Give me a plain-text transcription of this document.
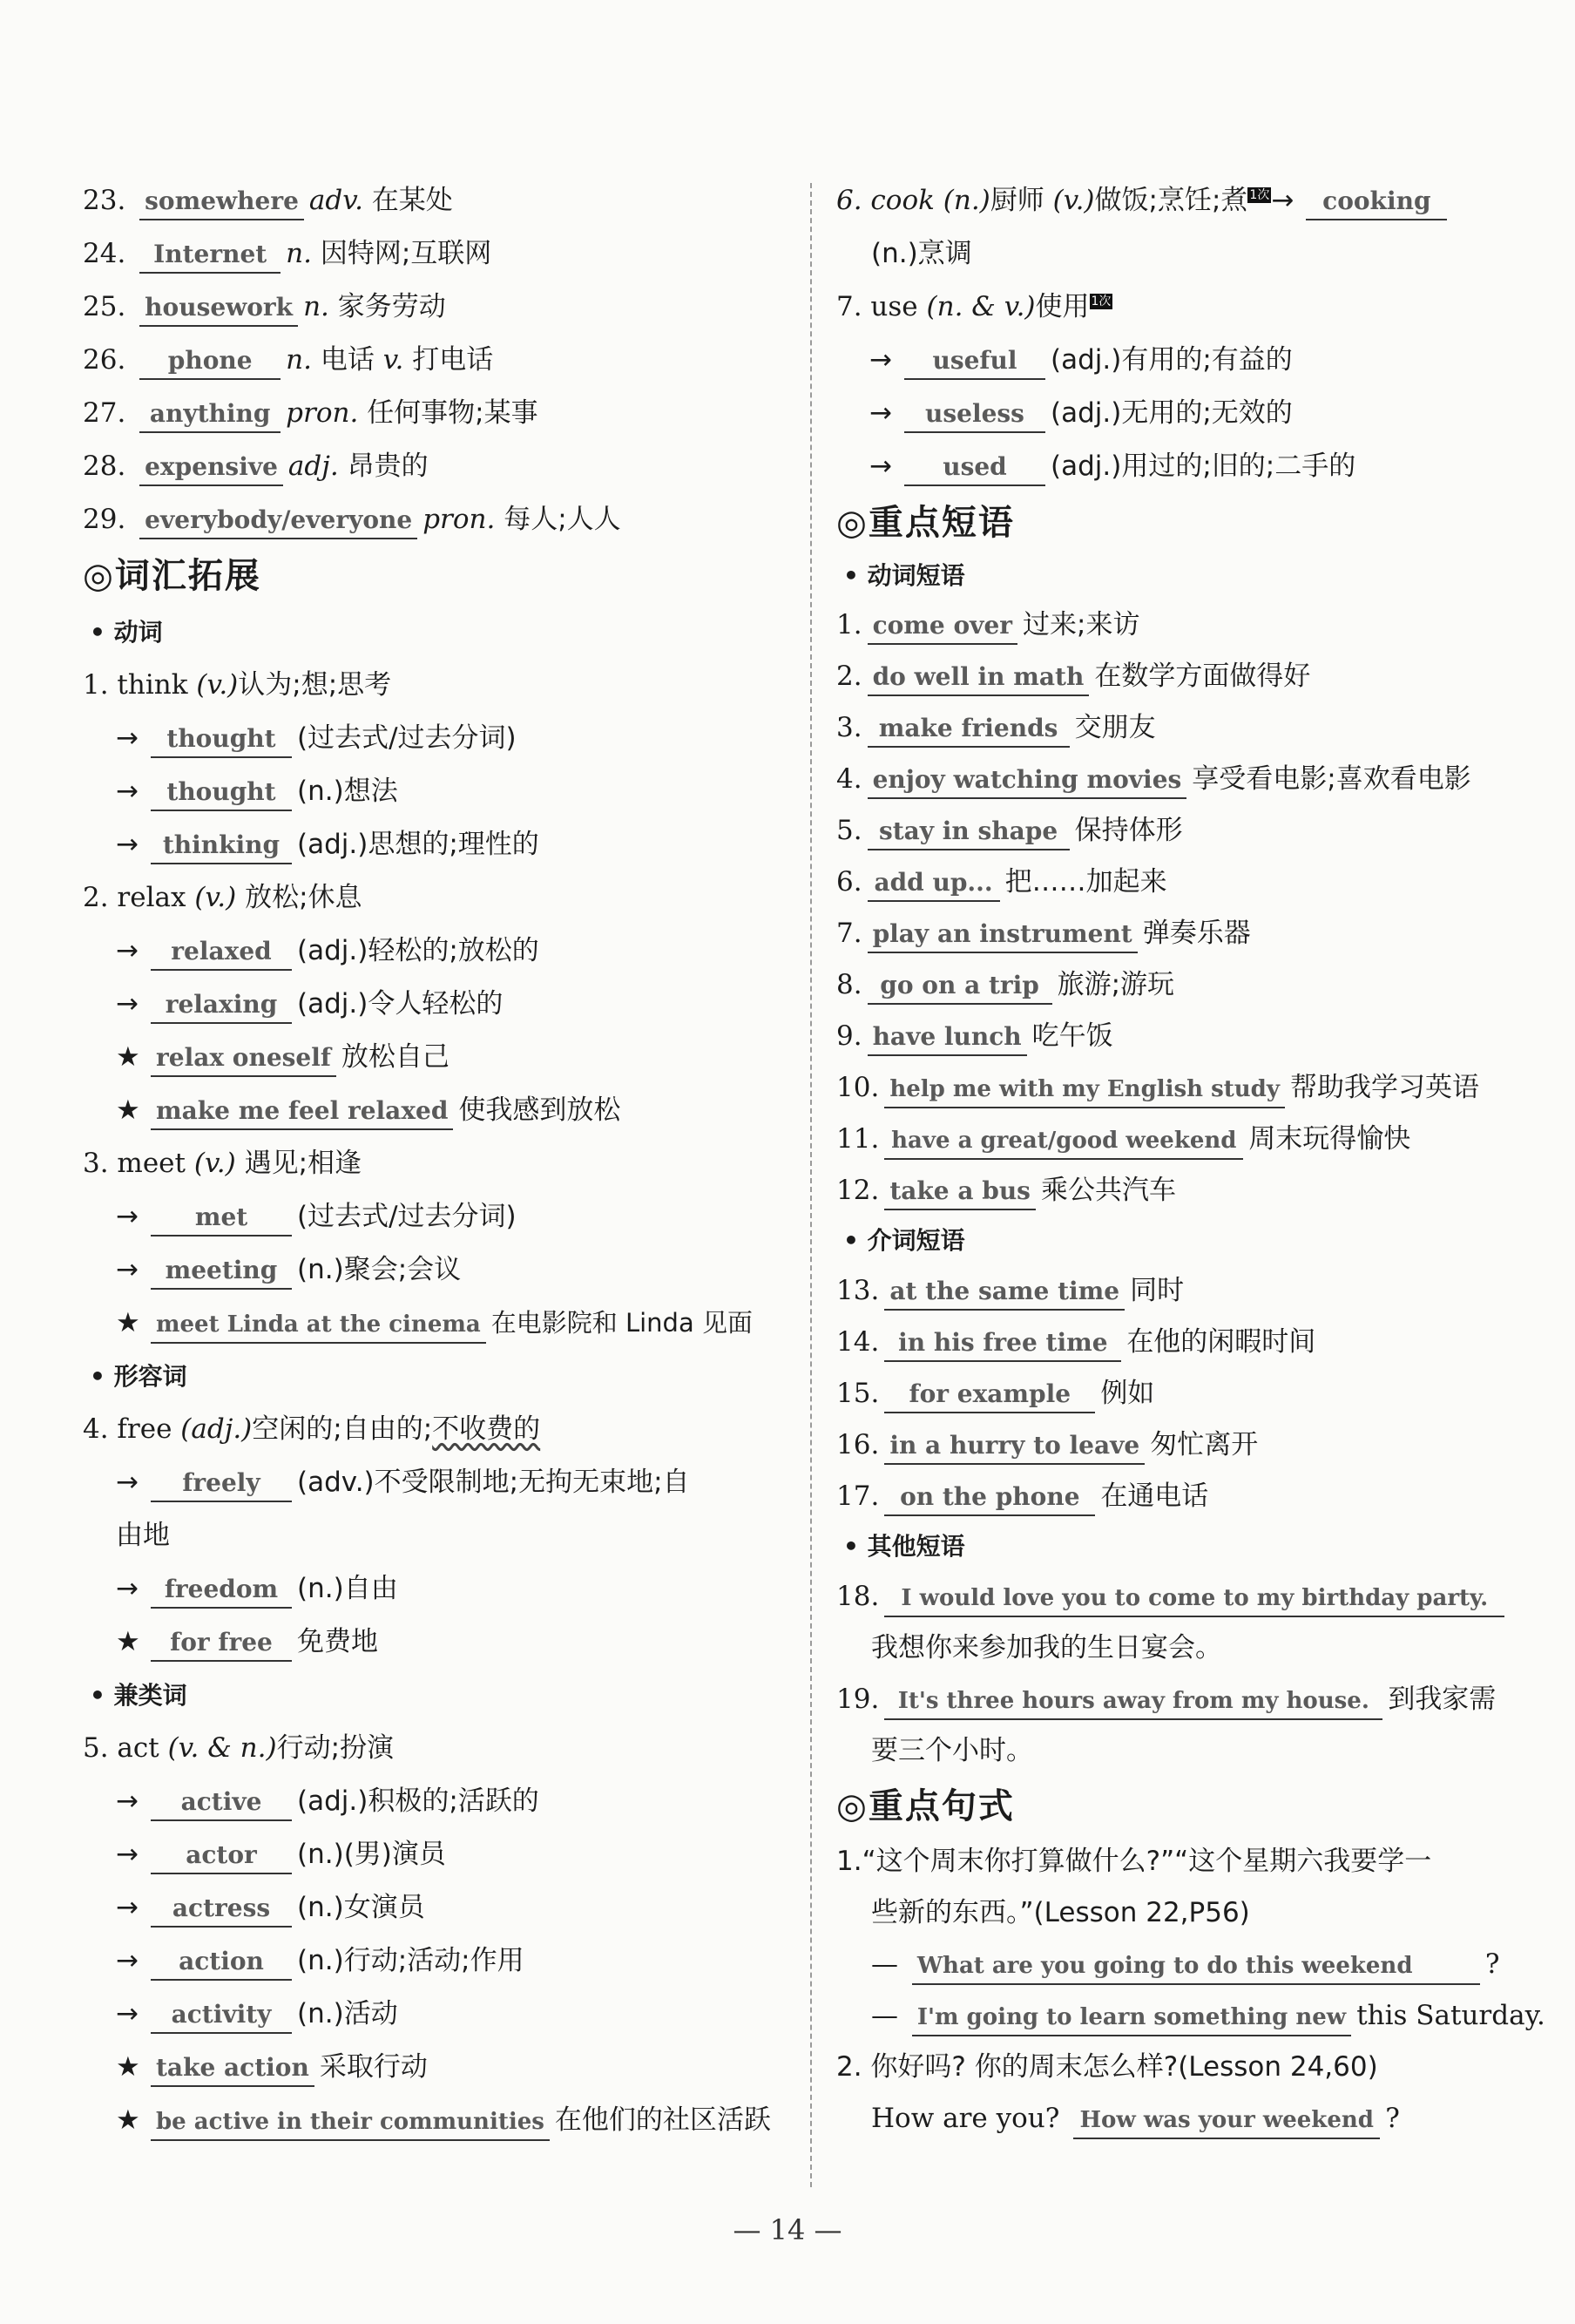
23. somewhere adv. 在某处
24. Internet n. 因特网;互联网
25. housework n. 家务劳动
26. phone n. 电话 v. 打电话
27. anything pron. 任何事物;某事
28. expensive adj. 昂贵的
29. everybody/everyone pron. 每人;人人
◎词汇拓展
• 动词
1. think (v.)认为;想;思考
→ thought (过去式/过去分词)
→ thought (n.)想法
→ thinking (adj.)思想的;理性的
2. relax (v.) 放松;休息
→ relaxed (adj.)轻松的;放松的
→ relaxing (adj.)令人轻松的
★ relax oneself 放松自己
★ make me feel relaxed 使我感到放松
3. meet (v.) 遇见;相逢
→ met (过去式/过去分词)
→ meeting (n.)聚会;会议
★ meet Linda at the cinema 在电影院和 Linda 见面
• 形容词
4. free (adj.)空闲的;自由的;不收费的
→ freely (adv.)不受限制地;无拘无束地;自
由地
→ freedom (n.)自由
★ for free 免费地
• 兼类词
5. act (v. & n.)行动;扮演
→ active (adj.)积极的;活跃的
→ actor (n.)(男)演员
→ actress (n.)女演员
→ action (n.)行动;活动;作用
→ activity (n.)活动
★ take action 采取行动
★ be active in their communities 在他们的社区活跃
6. cook (n.)厨师 (v.)做饭;烹饪;煮 1次→ cooking
(n.)烹调
7. use (n. & v.)使用 1次
→ useful (adj.)有用的;有益的
→ useless (adj.)无用的;无效的
→ used (adj.)用过的;旧的;二手的
◎重点短语
• 动词短语
1. come over 过来;来访
2. do well in math 在数学方面做得好
3. make friends 交朋友
4. enjoy watching movies 享受看电影;喜欢看电影
5. stay in shape 保持体形
6. add up... 把……加起来
7. play an instrument 弹奏乐器
8. go on a trip 旅游;游玩
9. have lunch 吃午饭
10. help me with my English study 帮助我学习英语
11. have a great/good weekend 周末玩得愉快
12. take a bus 乘公共汽车
• 介词短语
13. at the same time 同时
14. in his free time 在他的闲暇时间
15. for example 例如
16. in a hurry to leave 匆忙离开
17. on the phone 在通电话
• 其他短语
18. I would love you to come to my birthday party.
我想你来参加我的生日宴会。
19. It's three hours away from my house. 到我家需
要三个小时。
◎重点句式
1.“这个周末你打算做什么?”“这个星期六我要学一
些新的东西。”(Lesson 22,P56)
— What are you going to do this weekend	?
— I'm going to learn something new this Saturday.
2. 你好吗? 你的周末怎么样?(Lesson 24,60)
How are you? How was your weekend ?
— 14 —
